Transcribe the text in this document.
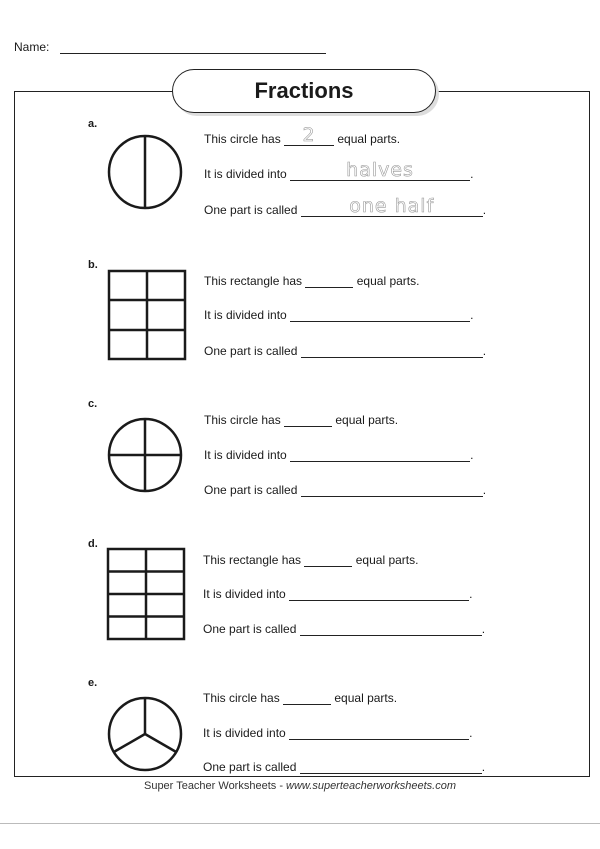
Name:
Fractions
a.
This circle has	2	equal parts.
It is divided into	halves	.
One part is called	one half	.
b.
This rectangle has	equal parts.
It is divided into	.
One part is called	.
c.
This circle has	equal parts.
It is divided into	.
One part is called	.
d.
This rectangle has	equal parts.
It is divided into	.
One part is called	.
e.
This circle has	equal parts.
It is divided into	.
One part is called	.
Super Teacher Worksheets - www.superteacherworksheets.com
